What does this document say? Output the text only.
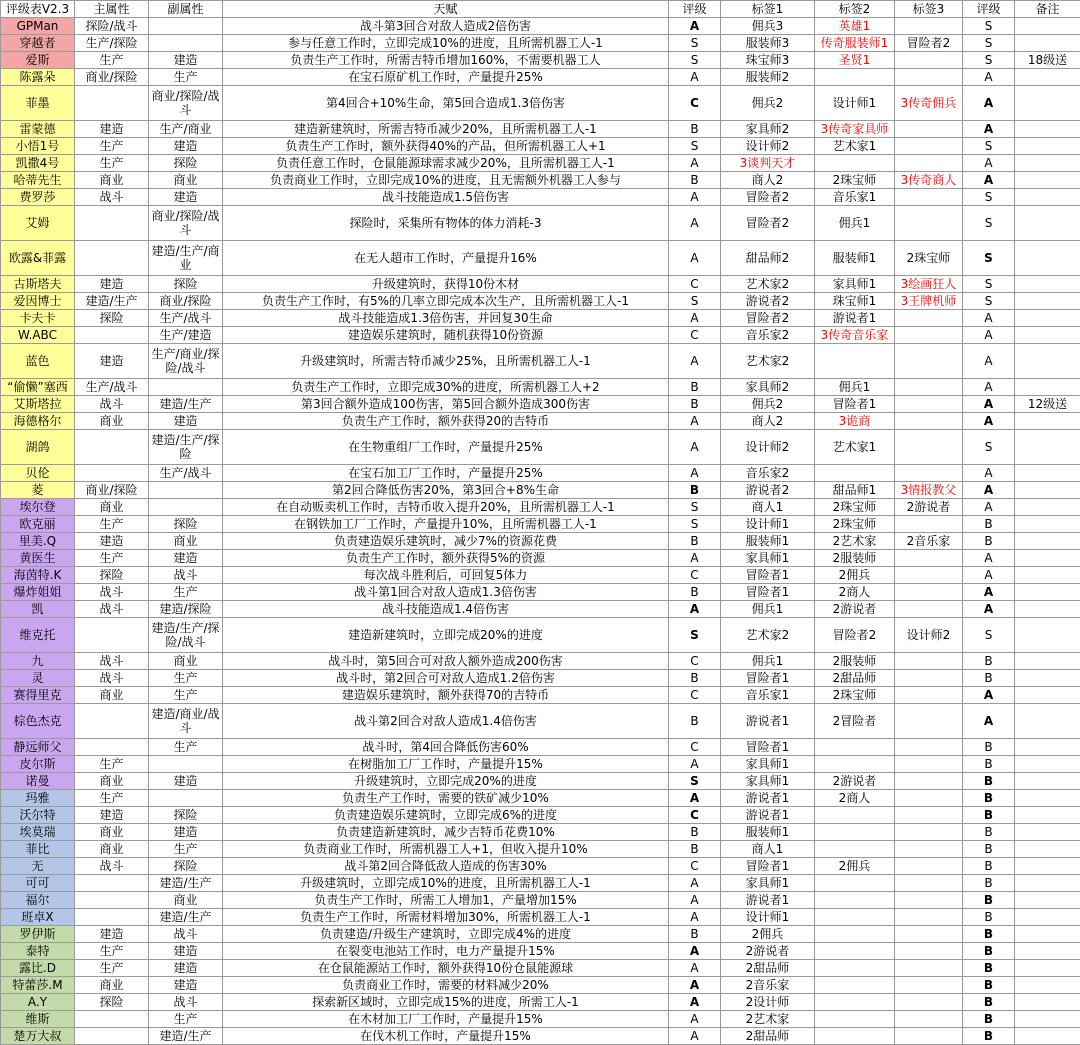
评级表V2.3	主属性	副属性	天赋	评级	标签1	标签2	标签3	评级	备注
GPMan	探险/战斗		战斗第3回合对敌人造成2倍伤害	A	佣兵3	英雄1		S	
穿越者	生产/探险		参与任意工作时，立即完成10%的进度，且所需机器工人-1	S	服装师3	传奇服装师1	冒险者2	S	
爱斯	生产	建造	负责生产工作时，所需吉特币增加160%，不需要机器工人	S	珠宝师3	圣贤1		S	18级送
陈露朵	商业/探险	生产	在宝石原矿机工作时，产量提升25%	A	服装师2			A	
菲墨		商业/探险/战斗	第4回合+10%生命，第5回合造成1.3倍伤害	C	佣兵2	设计师1	3传奇佣兵	A	
雷蒙德	建造	生产/商业	建造新建筑时，所需吉特币减少20%，且所需机器工人-1	B	家具师2	3传奇家具师		A	
小悟1号	生产	建造	负责生产工作时，额外获得40%的产品，但所需机器工人+1	S	设计师2	艺术家1		S	
凯撒4号	生产	探险	负责任意工作时，仓鼠能源球需求减少20%，且所需机器工人-1	A	3谈判天才			A	
哈蒂先生	商业	商业	负责商业工作时，立即完成10%的进度，且无需额外机器工人参与	B	商人2	2珠宝师	3传奇商人	A	
费罗莎	战斗	建造	战斗技能造成1.5倍伤害	A	冒险者2	音乐家1		S	
艾姆		商业/探险/战斗	探险时，采集所有物体的体力消耗-3	A	冒险者2	佣兵1		S	
欧露&菲露		建造/生产/商业	在无人超市工作时，产量提升16%	A	甜品师2	服装师1	2珠宝师	S	
古斯塔夫	建造	探险	升级建筑时，获得10份木材	C	艺术家2	家具师1	3绘画狂人	S	
爱因博士	建造/生产	商业/探险	负责生产工作时，有5%的几率立即完成本次生产，且所需机器工人-1	S	游说者2	珠宝师1	3王牌机师	S	
卡夫卡	探险	生产/战斗	战斗技能造成1.3倍伤害，并回复30生命	A	冒险者2	游说者1		A	
W.ABC		生产/建造	建造娱乐建筑时，随机获得10份资源	C	音乐家2	3传奇音乐家		A	
蓝色	建造	生产/商业/探险/战斗	升级建筑时，所需吉特币减少25%，且所需机器工人-1	A	艺术家2			A	
“偷懒”塞西	生产/战斗		负责生产工作时，立即完成30%的进度，所需机器工人+2	B	家具师2	佣兵1		A	
艾斯塔拉	战斗	建造/生产	第3回合额外造成100伤害，第5回合额外造成300伤害	B	佣兵2	冒险者1		A	12级送
海德格尔	商业	建造	负责生产工作时，额外获得20的吉特币	A	商人2	3诡商		A	
湖鸽		建造/生产/探险	在生物重组厂工作时，产量提升25%	A	设计师2	艺术家1		S	
贝伦		生产/战斗	在宝石加工厂工作时，产量提升25%	A	音乐家2			A	
菱	商业/探险		第2回合降低伤害20%，第3回合+8%生命	B	游说者2	甜品师1	3情报教父	A	
埃尔登	商业		在自动贩卖机工作时，吉特币收入提升20%，且所需机器工人-1	S	商人1	2珠宝师	2游说者	A	
欧克丽	生产	探险	在钢铁加工厂工作时，产量提升10%，且所需机器工人-1	S	设计师1	2珠宝师		B	
里美.Q	建造	商业	负责建造娱乐建筑时，减少7%的资源花费	B	服装师1	2艺术家	2音乐家	B	
黄医生	生产	建造	负责生产工作时，额外获得5%的资源	A	家具师1	2服装师		A	
海茵特.K	探险	战斗	每次战斗胜利后，可回复5体力	C	冒险者1	2佣兵		A	
爆炸姐姐	战斗	生产	战斗第1回合对敌人造成1.3倍伤害	B	冒险者1	2商人		A	
凯	战斗	建造/探险	战斗技能造成1.4倍伤害	A	佣兵1	2游说者		A	
维克托		建造/生产/探险/战斗	建造新建筑时，立即完成20%的进度	S	艺术家2	冒险者2	设计师2	S	
九	战斗	商业	战斗时，第5回合可对敌人额外造成200伤害	C	佣兵1	2服装师		B	
灵	战斗	生产	战斗时，第2回合可对敌人造成1.2倍伤害	B	冒险者1	2甜品师		B	
赛得里克	商业	生产	建造娱乐建筑时，额外获得70的吉特币	C	音乐家1	2珠宝师		A	
棕色杰克		建造/商业/战斗	战斗第2回合对敌人造成1.4倍伤害	B	游说者1	2冒险者		A	
静远师父		生产	战斗时，第4回合降低伤害60%	C	冒险者1			B	
皮尔斯	生产		在树脂加工厂工作时，产量提升15%	A	家具师1			B	
诺曼	商业	建造	升级建筑时，立即完成20%的进度	S	家具师1	2游说者		B	
玛雅	生产		负责生产工作时，需要的铁矿减少10%	A	游说者1	2商人		B	
沃尔特	建造	探险	负责建造娱乐建筑时，立即完成6%的进度	C	游说者1			B	
埃莫瑞	商业	建造	负责建造新建筑时，减少吉特币花费10%	B	服装师1			B	
菲比	商业	生产	负责商业工作时，所需机器工人+1，但收入提升10%	B	商人1			B	
无	战斗	探险	战斗第2回合降低敌人造成的伤害30%	C	冒险者1	2佣兵		B	
可可		建造/生产	升级建筑时，立即完成10%的进度，且所需机器工人-1	A	家具师1			B	
福尔		商业	负责生产工作时，所需工人增加1，产量增加15%	A	游说者1			B	
班卓X		建造/生产	负责生产工作时，所需材料增加30%，所需机器工人-1	A	设计师1			B	
罗伊斯	建造	战斗	负责建造/升级生产建筑时，立即完成4%的进度	B	2佣兵			B	
泰特	生产	建造	在裂变电池站工作时，电力产量提升15%	A	2游说者			B	
露比.D	生产	建造	在仓鼠能源站工作时，额外获得10份仓鼠能源球	A	2甜品师			B	
特蕾莎.M	商业	建造	负责商业工作时，需要的材料减少20%	A	2音乐家			B	
A.Y	探险	战斗	探索新区域时，立即完成15%的进度，所需工人-1	A	2设计师			B	
维斯		生产	在木材加工厂工作时，产量提升15%	A	2艺术家			B	
楚万大叔		建造/生产	在伐木机工作时，产量提升15%	A	2甜品师			B	
